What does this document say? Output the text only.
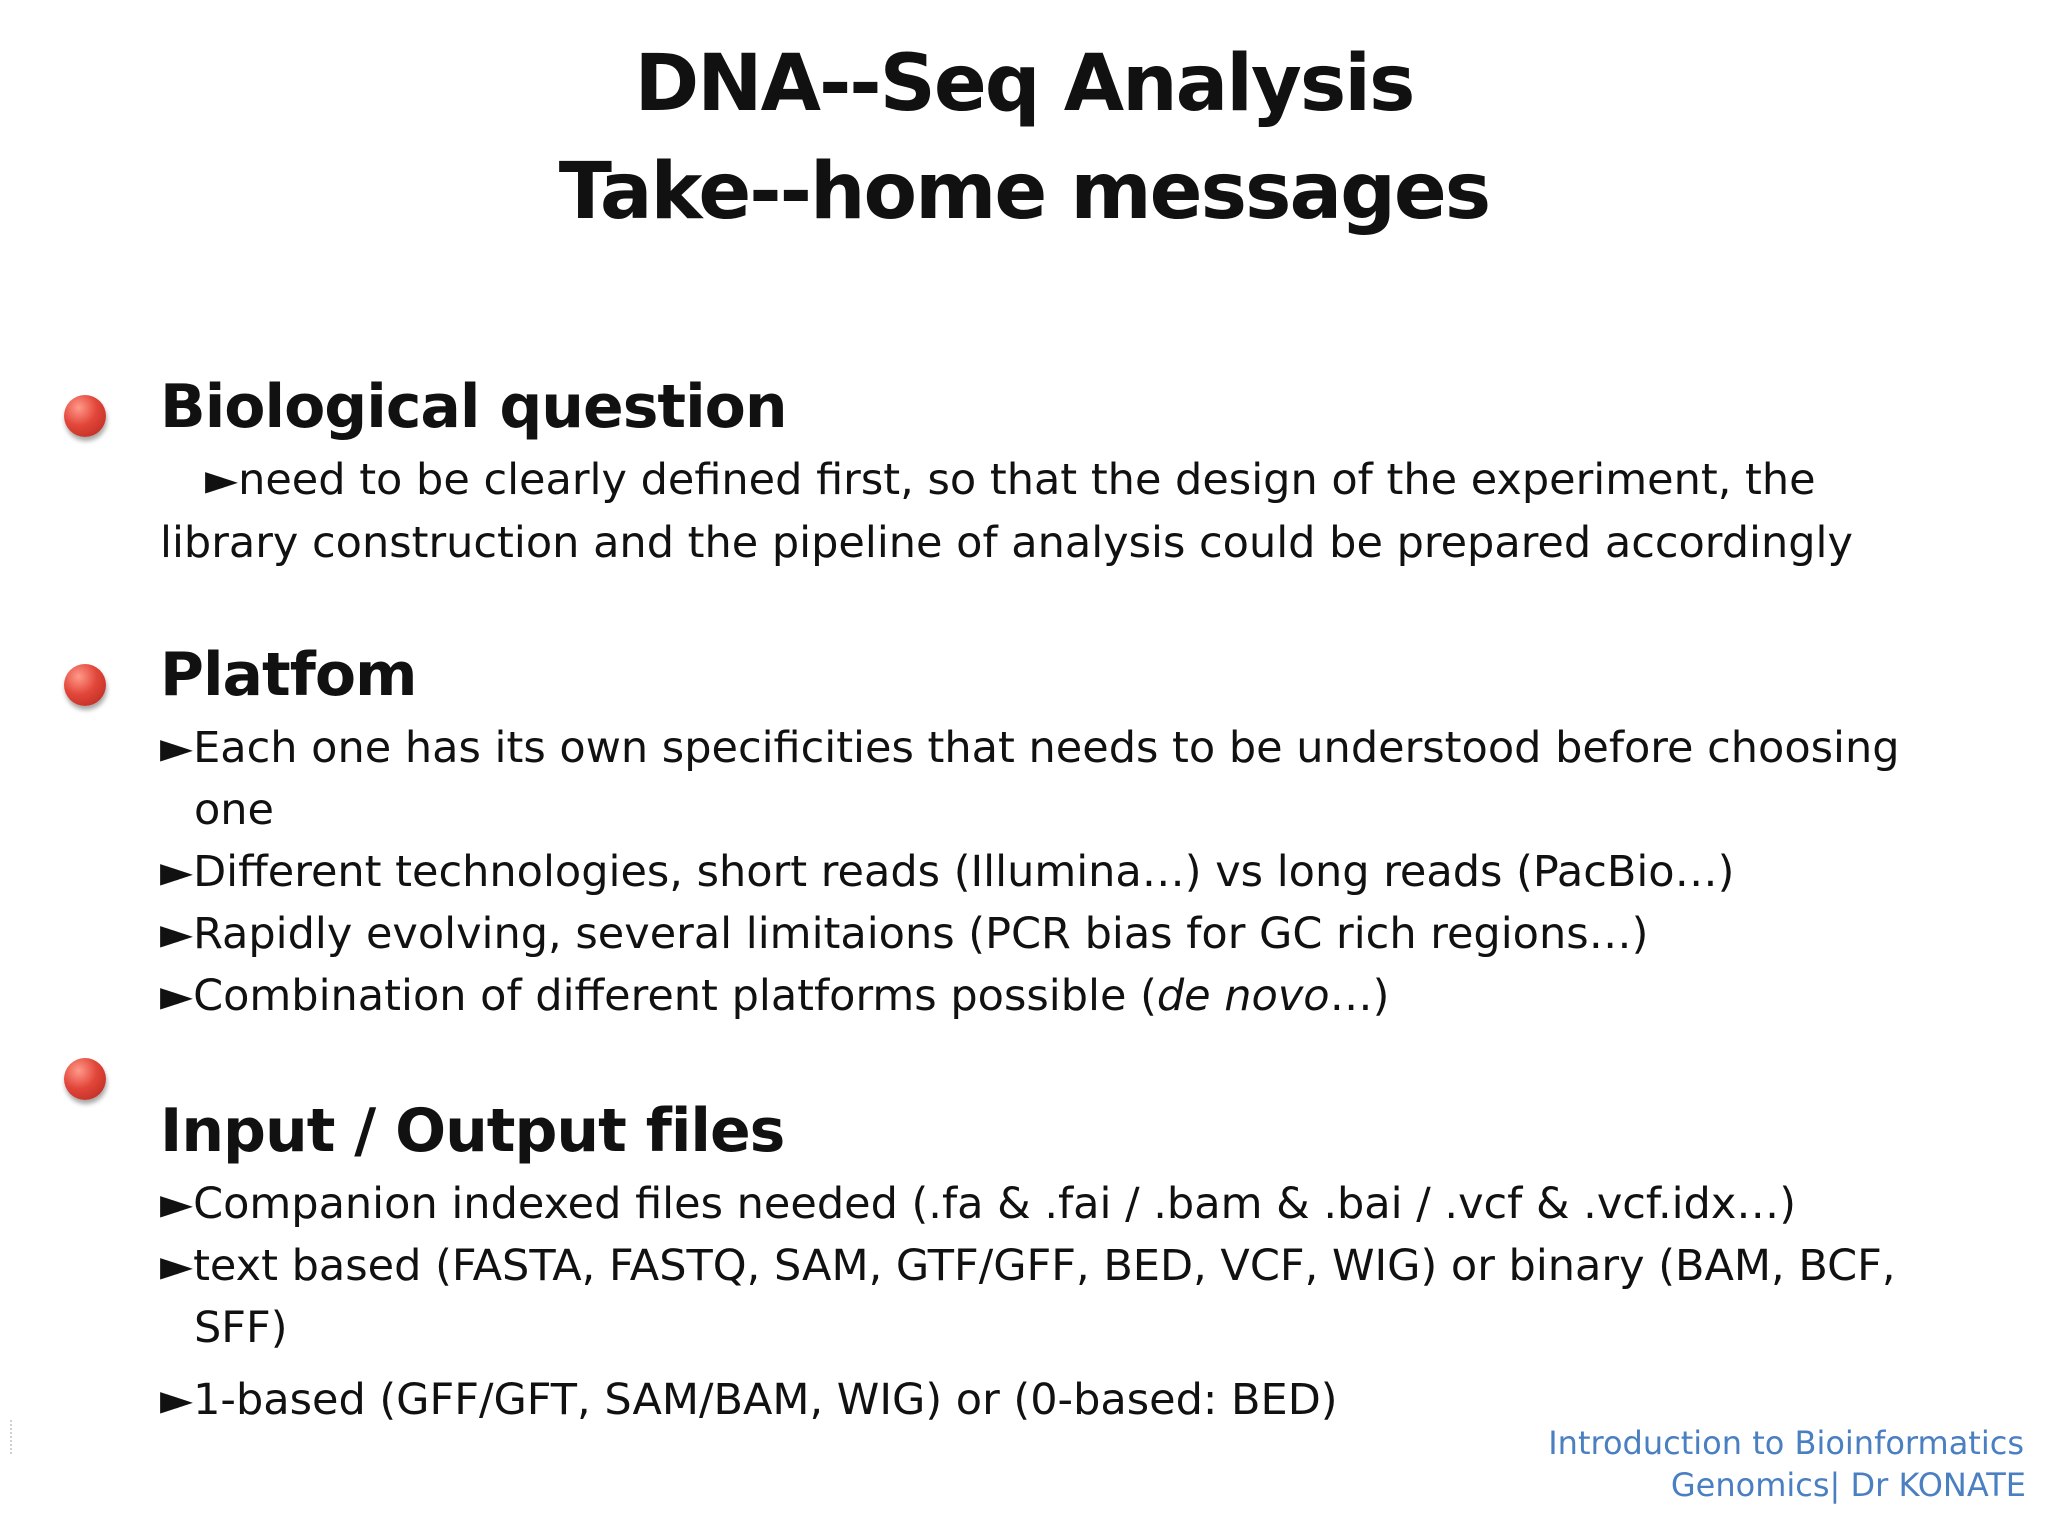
DNA--Seq Analysis
Take--home messages
Biological question
►need to be clearly defined first, so that the design of the experiment, the
library construction and the pipeline of analysis could be prepared accordingly
Platfom
►Each one has its own specificities that needs to be understood before choosing
one
►Different technologies, short reads (Illumina…) vs long reads (PacBio…)
►Rapidly evolving, several limitaions (PCR bias for GC rich regions…)
►Combination of different platforms possible (de novo…)
Input / Output files
►Companion indexed files needed (.fa & .fai / .bam & .bai / .vcf & .vcf.idx…)
►text based (FASTA, FASTQ, SAM, GTF/GFF, BED, VCF, WIG) or binary (BAM, BCF,
SFF)
►1-based (GFF/GFT, SAM/BAM, WIG) or (0-based: BED)
Introduction to Bioinformatics
Genomics| Dr KONATE
